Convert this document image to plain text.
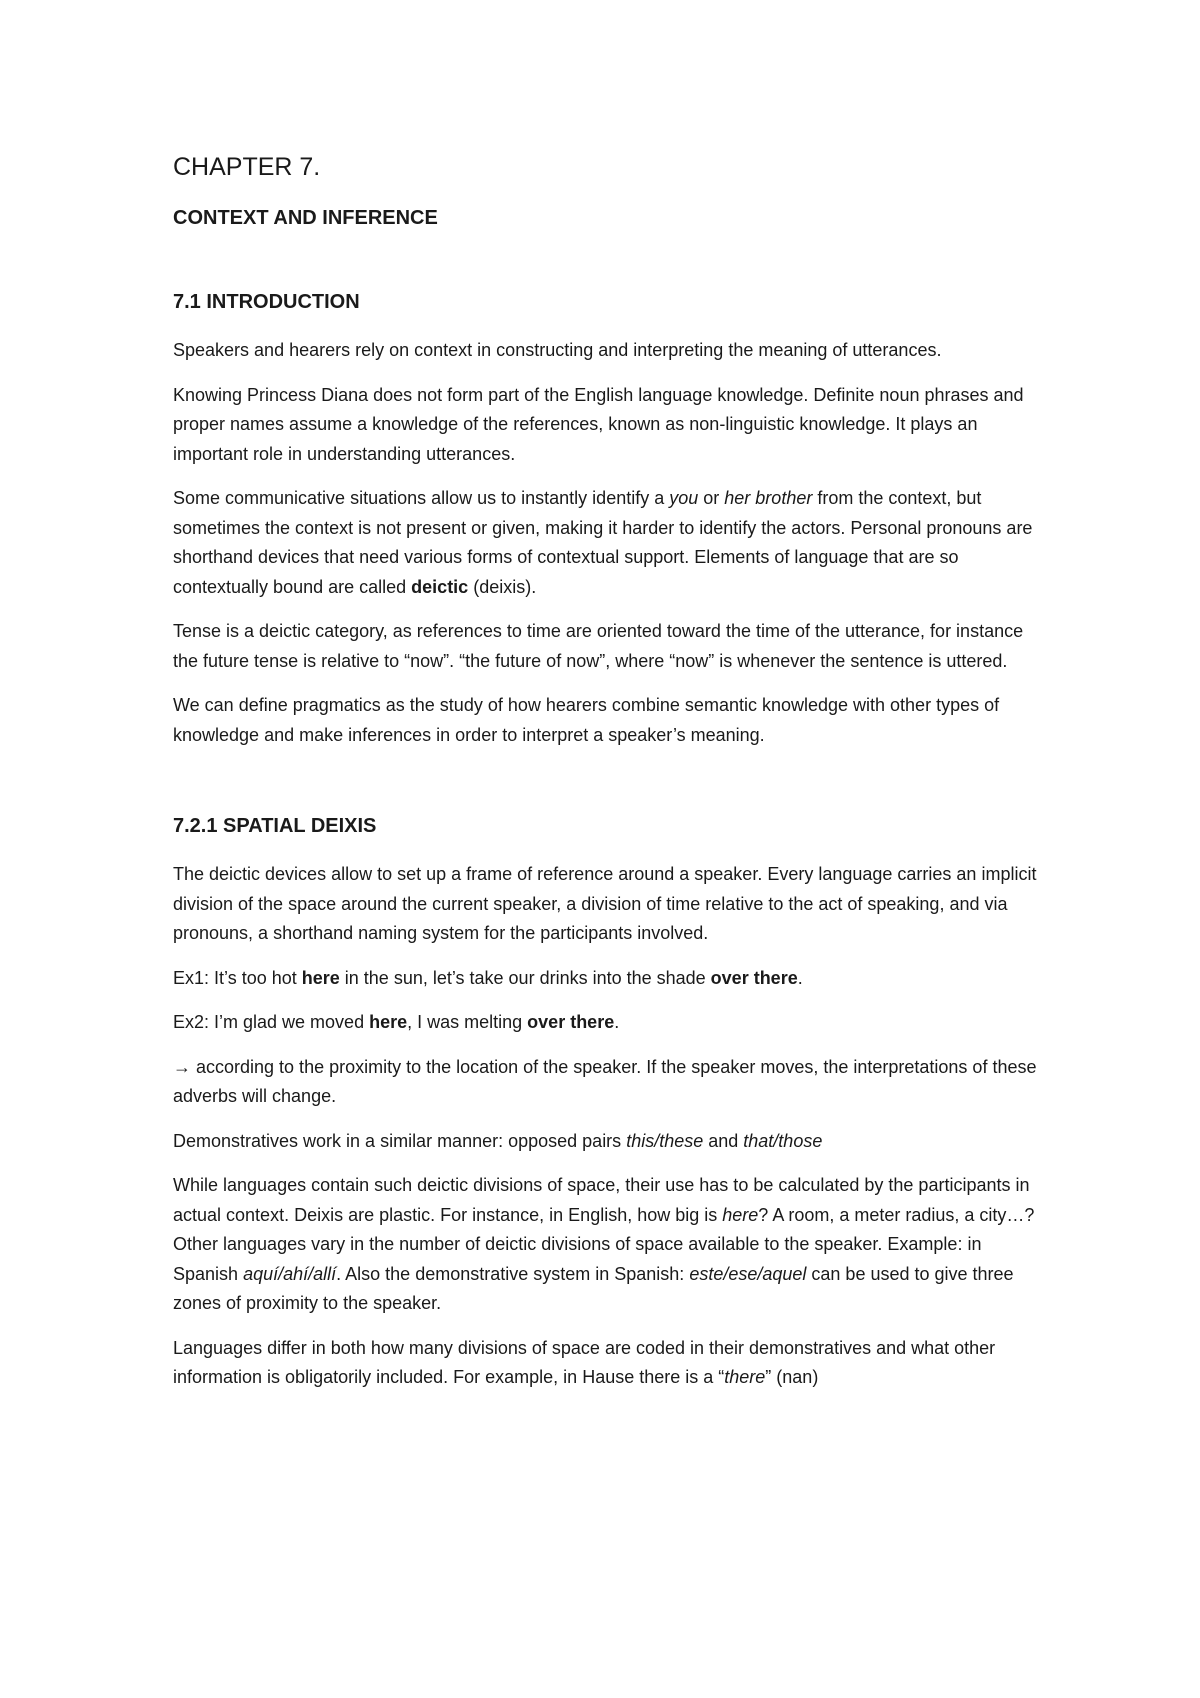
CHAPTER 7.
CONTEXT AND INFERENCE
7.1 INTRODUCTION

Speakers and hearers rely on context in constructing and interpreting the meaning of utterances.

Knowing Princess Diana does not form part of the English language knowledge. Definite noun phrases and proper names assume a knowledge of the references, known as non-linguistic knowledge. It plays an important role in understanding utterances.

Some communicative situations allow us to instantly identify a you or her brother from the context, but sometimes the context is not present or given, making it harder to identify the actors. Personal pronouns are shorthand devices that need various forms of contextual support. Elements of language that are so contextually bound are called deictic (deixis).

Tense is a deictic category, as references to time are oriented toward the time of the utterance, for instance the future tense is relative to “now”. “the future of now”, where “now” is whenever the sentence is uttered.

We can define pragmatics as the study of how hearers combine semantic knowledge with other types of knowledge and make inferences in order to interpret a speaker’s meaning.

7.2.1 SPATIAL DEIXIS

The deictic devices allow to set up a frame of reference around a speaker. Every language carries an implicit division of the space around the current speaker, a division of time relative to the act of speaking, and via pronouns, a shorthand naming system for the participants involved.

Ex1: It’s too hot here in the sun, let’s take our drinks into the shade over there.

Ex2: I’m glad we moved here, I was melting over there.

→ according to the proximity to the location of the speaker. If the speaker moves, the interpretations of these adverbs will change.

Demonstratives work in a similar manner: opposed pairs this/these and that/those

While languages contain such deictic divisions of space, their use has to be calculated by the participants in actual context. Deixis are plastic. For instance, in English, how big is here? A room, a meter radius, a city…? Other languages vary in the number of deictic divisions of space available to the speaker. Example: in Spanish aquí/ahí/allí. Also the demonstrative system in Spanish: este/ese/aquel can be used to give three zones of proximity to the speaker.

Languages differ in both how many divisions of space are coded in their demonstratives and what other information is obligatorily included. For example, in Hause there is a “there” (nan)
